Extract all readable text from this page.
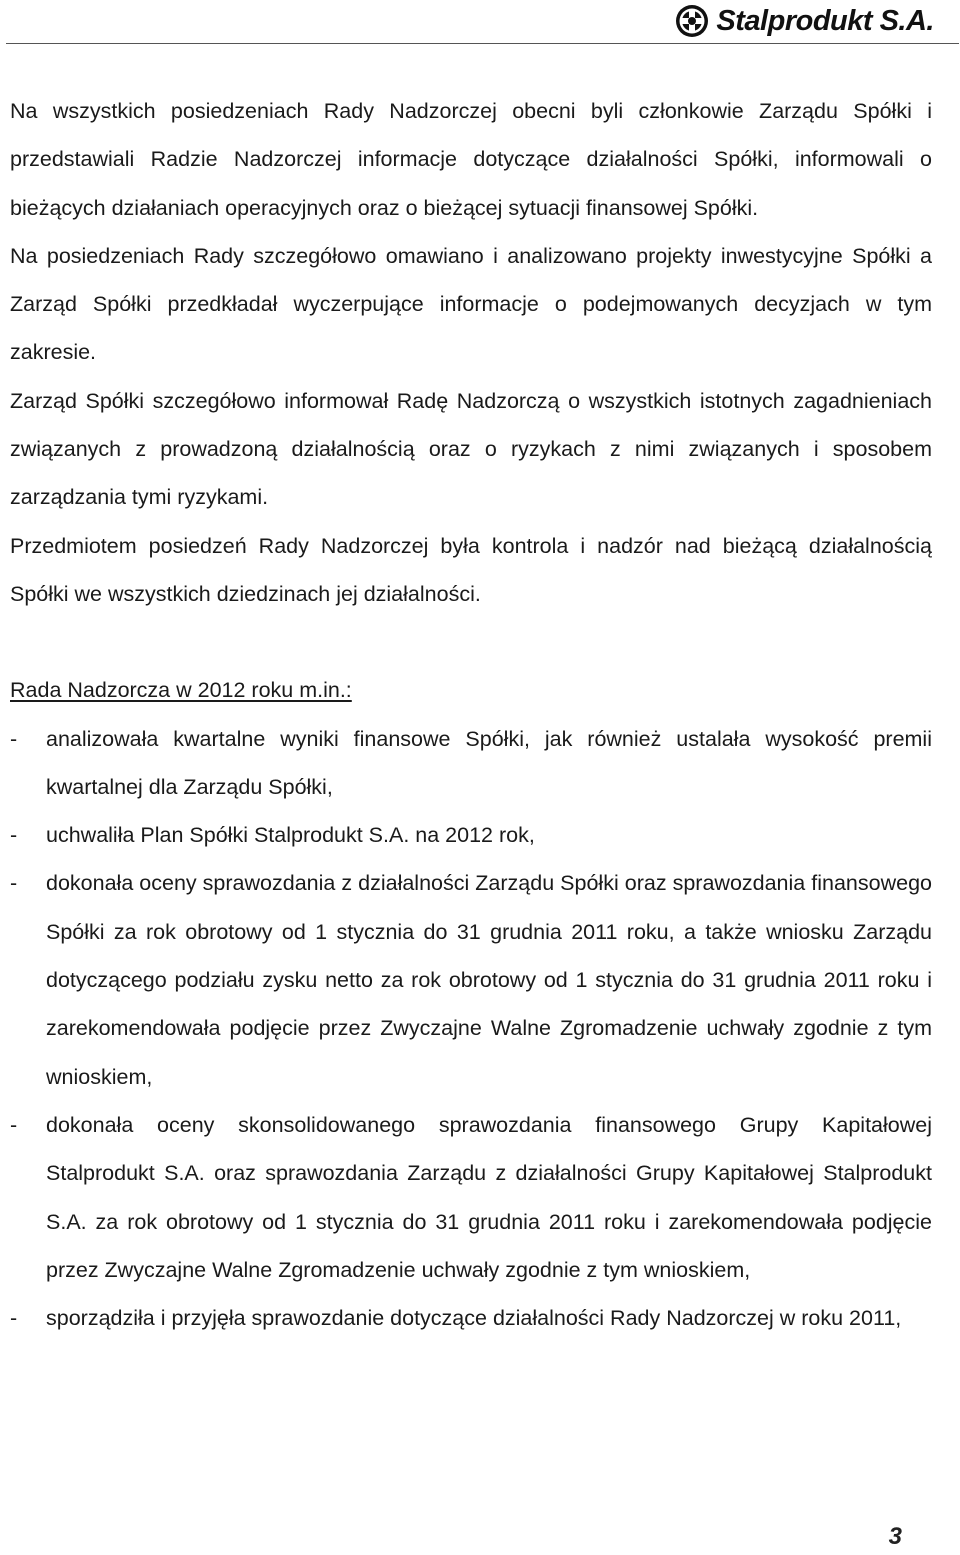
Stalprodukt S.A.

Na wszystkich posiedzeniach Rady Nadzorczej obecni byli członkowie Zarządu Spółki i przedstawiali Radzie Nadzorczej informacje dotyczące działalności Spółki, informowali o bieżących działaniach operacyjnych oraz o bieżącej sytuacji finansowej Spółki.

Na posiedzeniach Rady szczegółowo omawiano i analizowano projekty inwestycyjne Spółki a Zarząd Spółki przedkładał wyczerpujące informacje o podejmowanych decyzjach w tym zakresie.

Zarząd Spółki szczegółowo informował Radę Nadzorczą o wszystkich istotnych zagadnieniach związanych z prowadzoną działalnością oraz o ryzykach z nimi związanych i sposobem zarządzania tymi ryzykami.

Przedmiotem posiedzeń Rady Nadzorczej była kontrola i nadzór nad bieżącą działalnością Spółki we wszystkich dziedzinach jej działalności.

Rada Nadzorcza w 2012 roku m.in.:

- analizowała kwartalne wyniki finansowe Spółki, jak również ustalała wysokość premii kwartalnej dla Zarządu Spółki,
- uchwaliła Plan Spółki Stalprodukt S.A. na 2012 rok,
- dokonała oceny sprawozdania z działalności Zarządu Spółki oraz sprawozdania finansowego Spółki za rok obrotowy od 1 stycznia do 31 grudnia 2011 roku, a także wniosku Zarządu dotyczącego podziału zysku netto za rok obrotowy od 1 stycznia do 31 grudnia 2011 roku i zarekomendowała podjęcie przez Zwyczajne Walne Zgromadzenie uchwały zgodnie z tym wnioskiem,
- dokonała oceny skonsolidowanego sprawozdania finansowego Grupy Kapitałowej Stalprodukt S.A. oraz sprawozdania Zarządu z działalności Grupy Kapitałowej Stalprodukt S.A. za rok obrotowy od 1 stycznia do 31 grudnia 2011 roku i zarekomendowała podjęcie przez Zwyczajne Walne Zgromadzenie uchwały zgodnie z tym wnioskiem,
- sporządziła i przyjęła sprawozdanie dotyczące działalności Rady Nadzorczej w roku 2011,
3
